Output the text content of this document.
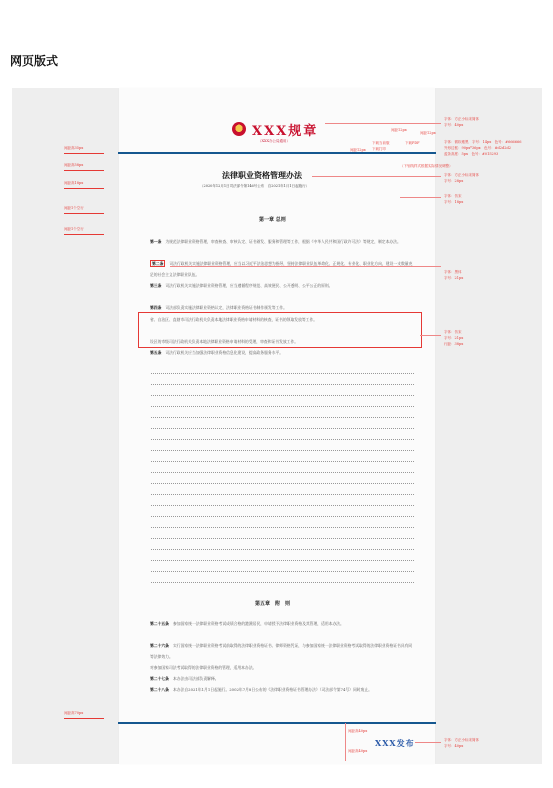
网页版式
XXX规章
（XXX办公局通用）
法律职业资格管理办法
（2020年12月1日司法部令第146号公布　自2021年1月1日起施行）
第一章 总则
第一条 为规范法律职业资格管理，审查核查、审核认定、证书颁发、服务和管理等工作，根据《中华人民共和国行政许可法》等规定，制定本办法。
第二条 司法行政机关实施法律职业资格管理，应当以习近平法治思想为指导，坚持法律职业队伍革命化、正规化、专业化、职业化方向，建设一支数量充足的社会主义法律职业队伍。
第三条 司法行政机关实施法律职业资格管理，应当遵循程序规范、高效便民、公开透明、公平公正的原则。
第四条 司法部负责实施法律职业资格认定，法律职业资格证书制作颁发等工作。
省、自治区、直辖市司法行政机关负责本地法律职业资格申请材料的核查，证书的领取发放等工作。
设区的市级司法行政机关负责本地法律职业资格申请材料的受理，审查和证书发放工作。
第五条 司法行政机关应当加强法律职业资格信息化建设，提高政务服务水平。
第五章　附　则
第二十五条 参加国家统一法律职业资格考试成绩合格的港澳居民，申请授予法律职业资格及其管理，适用本办法。
第二十六条 实行国家统一法律职业资格考试前取得的法律职业资格证书、律师资格凭证，与参加国家统一法律职业资格考试取得的法律职业资格证书具有同等法律效力。
对参加国家司法考试取得的法律职业资格的管理，适用本办法。
第二十七条 本办法由司法部负责解释。
第二十八条 本办法自2021年1月1日起施行。2002年7月8日公布的《法律职业资格证书管理办法》（司法部令第74号）同时废止。
XXX发布
间距高35px
间距高58px
间距高18px
间距1个空行
间距1个空行
间距高70px
间距12px
下载当前版
下载打印
下载PDF
间距12px
（下划线样式根据实际情况调整）
字体：方正小标宋简体
字号：40px
间距12px
字体：微软雅黑　字号：14px　色号：#666666
外形边框：90px*36px　色号：#d2d2d2
蓝条高度：5px　色号：#015293
字体：方正小标宋简体
字号：28px
字体：仿宋
字号：18px
字体：黑体
字号：21px
字体：仿宋
字号：21px
行距：38px
字体：方正小标宋简体
字号：40px
间距高40px
间距高40px
